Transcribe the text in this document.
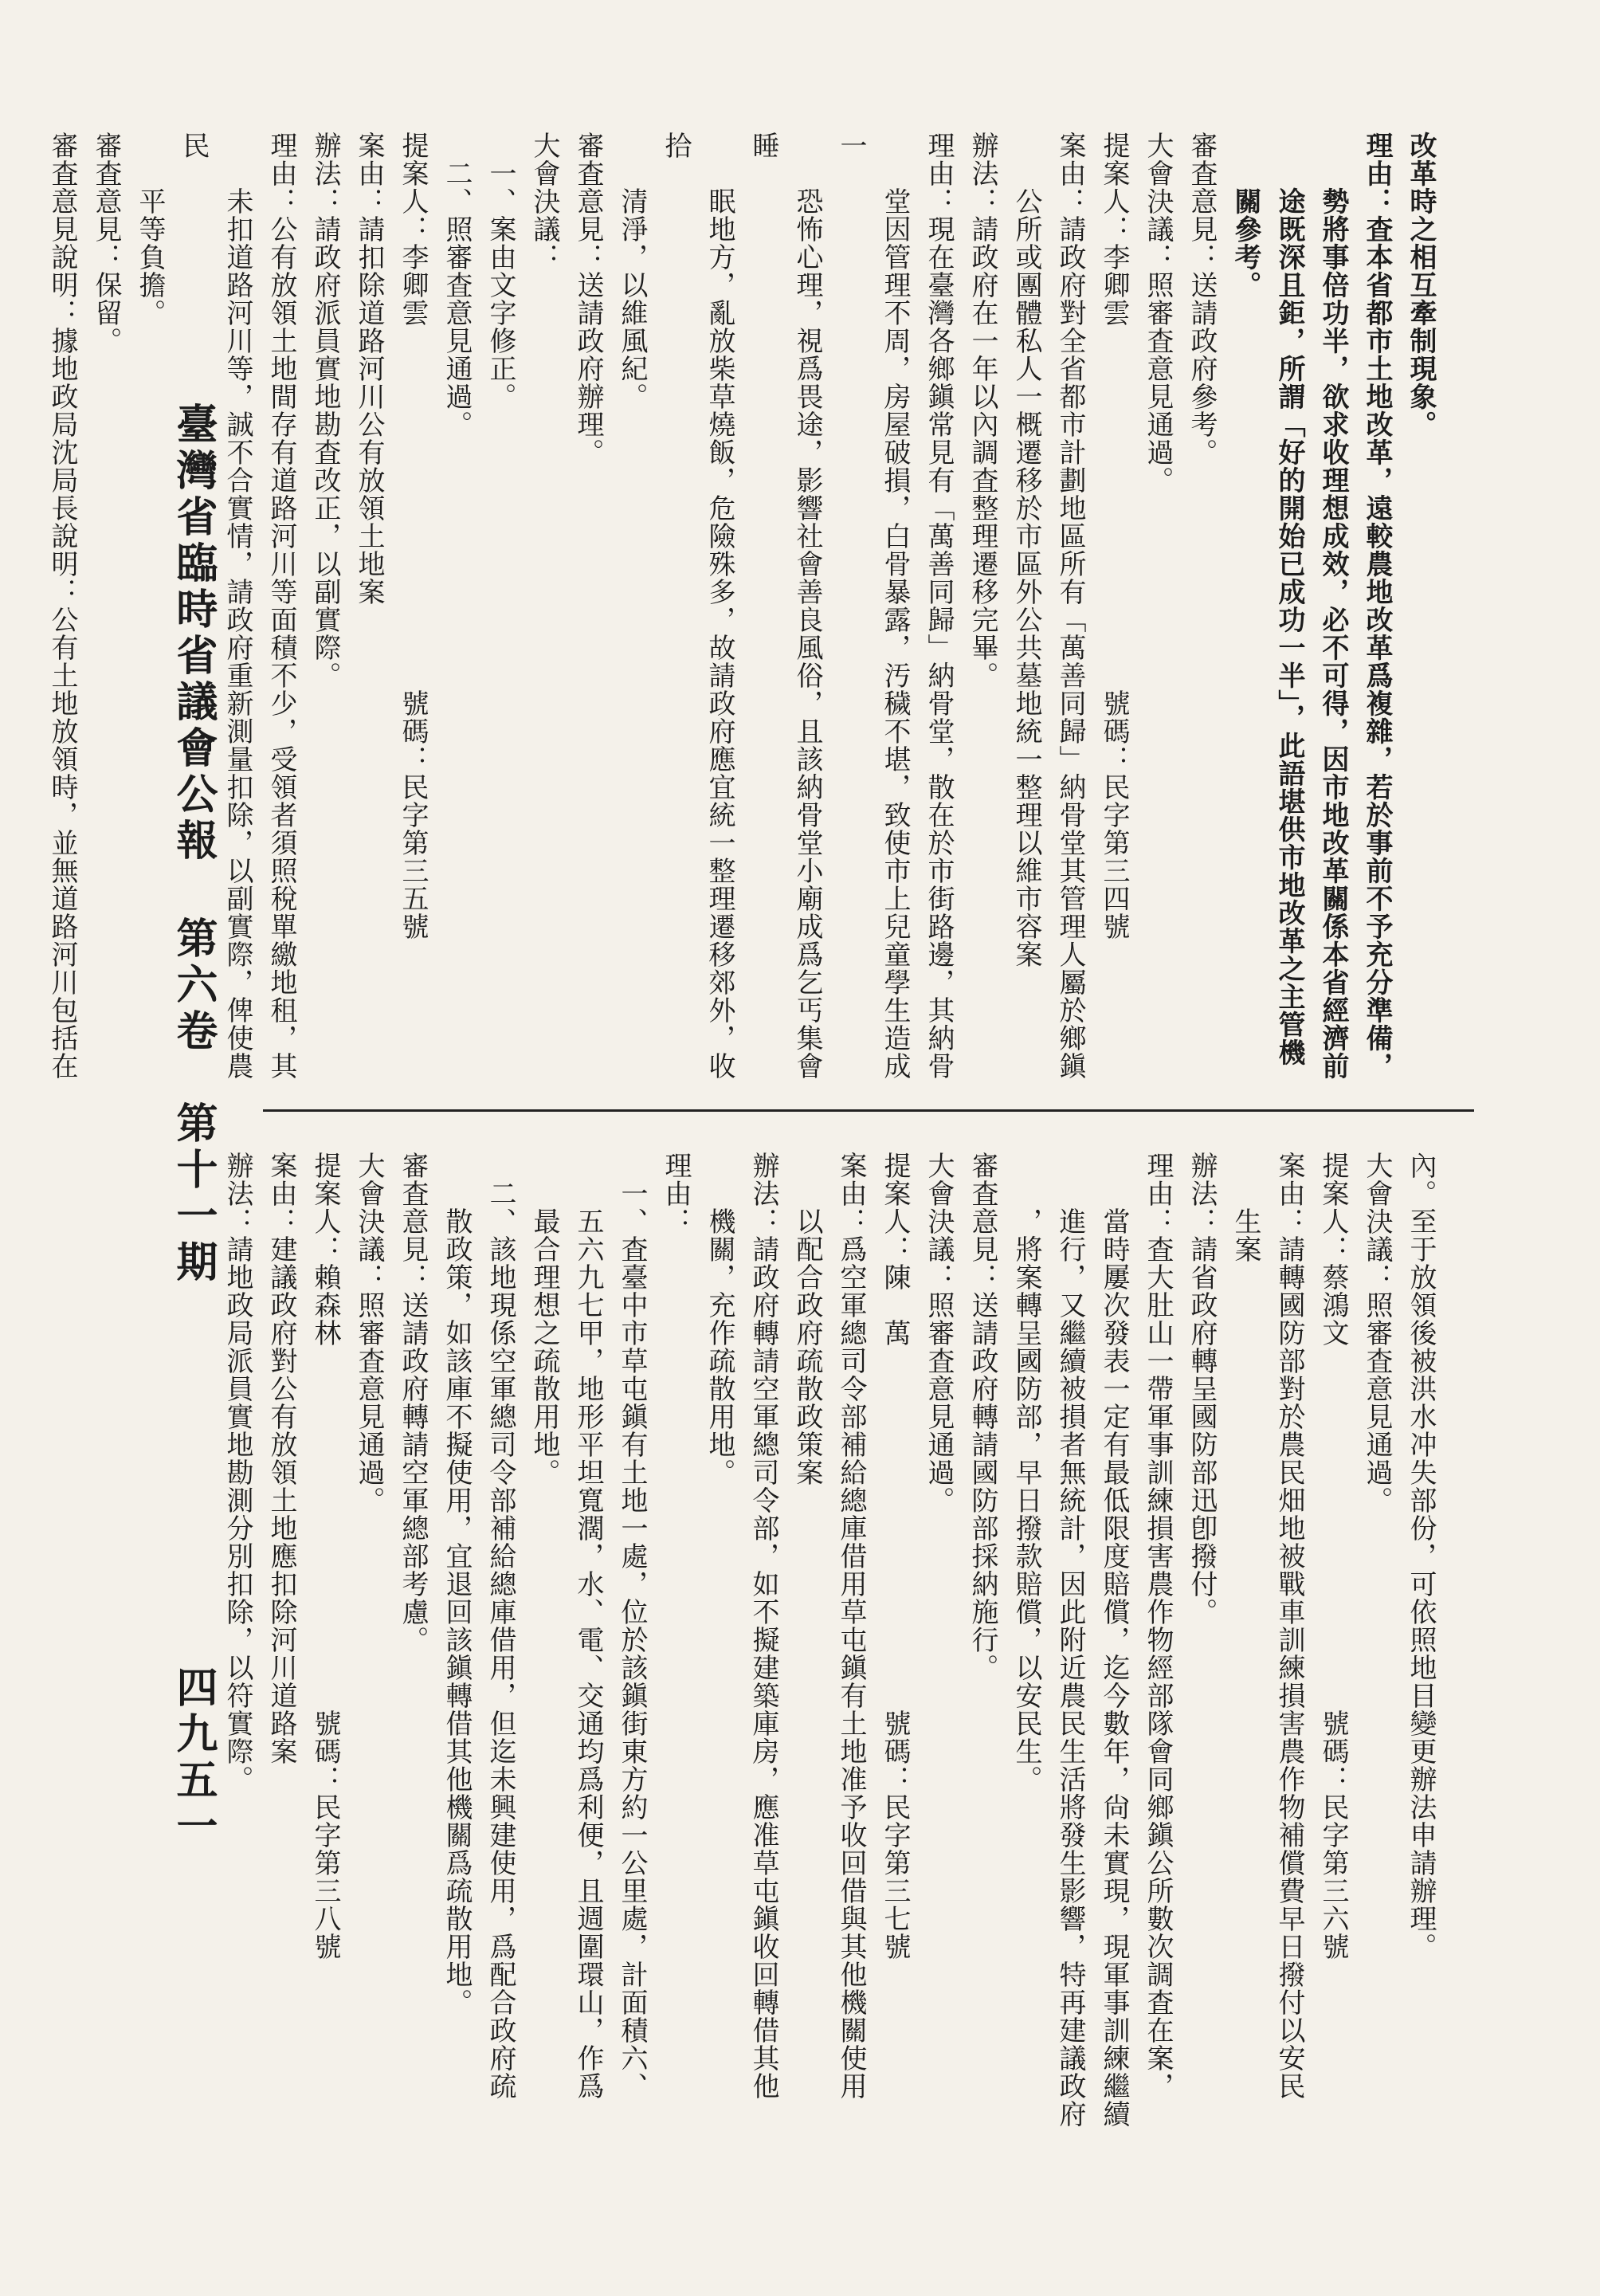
臺灣省臨時省議會公報
第六卷　第十一期
四九五一

改革時之相互牽制現象。

理由：査本省都市土地改革，遠較農地改革爲複雜，若於事前不予充分準備，

　　勢將事倍功半，欲求收理想成效，必不可得，因市地改革關係本省經濟前

　　途既深且鉅，所謂「好的開始已成功一半」，此語堪供市地改革之主管機

　　關參考。

審査意見：送請政府參考。

大會決議：照審査意見通過。

提案人：李卿雲　　　　　　　　　　　　　號碼：民字第三四號

案由：請政府對全省都市計劃地區所有「萬善同歸」納骨堂其管理人屬於鄉鎭

　　公所或團體私人一概遷移於市區外公共墓地統一整理以維市容案

辦法：請政府在一年以內調査整理遷移完畢。

理由：現在臺灣各鄉鎭常見有「萬善同歸」納骨堂，散在於市街路邊，其納骨

　　堂因管理不周，房屋破損，白骨暴露，汚穢不堪，致使市上兒童學生造成一

　　恐怖心理，視爲畏途，影響社會善良風俗，且該納骨堂小廟成爲乞丐集會睡

　　眠地方，亂放柴草燒飯，危險殊多，故請政府應宜統一整理遷移郊外，收拾

　　清淨，以維風紀。

審査意見：送請政府辦理。

大會決議：

　一、案由文字修正。

　二、照審査意見通過。

提案人：李卿雲　　　　　　　　　　　　　號碼：民字第三五號

案由：請扣除道路河川公有放領土地案

辦法：請政府派員實地勘査改正，以副實際。

理由：公有放領土地間存有道路河川等面積不少，受領者須照稅單繳地租，其

　　未扣道路河川等，誠不合實情，請政府重新測量扣除，以副實際，俾使農民

　　平等負擔。

審査意見：保留。

審査意見說明：據地政局沈局長說明：公有土地放領時，並無道路河川包括在

內。至于放領後被洪水冲失部份，可依照地目變更辦法申請辦理。

大會決議：照審査意見通過。

提案人：蔡鴻文　　　　　　　　　　　　　號碼：民字第三六號

案由：請轉國防部對於農民畑地被戰車訓練損害農作物補償費早日撥付以安民

　　生案

辦法：請省政府轉呈國防部迅卽撥付。

理由：査大肚山一帶軍事訓練損害農作物經部隊會同鄉鎭公所數次調査在案，

　　當時屢次發表一定有最低限度賠償，迄今數年，尙未實現，現軍事訓練繼續

　　進行，又繼續被損者無統計，因此附近農民生活將發生影響，特再建議政府

　　，將案轉呈國防部，早日撥款賠償，以安民生。

審査意見：送請政府轉請國防部採納施行。

大會決議：照審査意見通過。

提案人：陳　萬　　　　　　　　　　　　　號碼：民字第三七號

案由：爲空軍總司令部補給總庫借用草屯鎭有土地准予收回借與其他機關使用

　　以配合政府疏散政策案

辦法：請政府轉請空軍總司令部，如不擬建築庫房，應准草屯鎭收回轉借其他

　　機關，充作疏散用地。

理由：

　一、査臺中市草屯鎭有土地一處，位於該鎭街東方約一公里處，計面積六、

　　五六九七甲，地形平坦寬濶，水、電、交通均爲利便，且週圍環山，作爲

　　最合理想之疏散用地。

　二、該地現係空軍總司令部補給總庫借用，但迄未興建使用，爲配合政府疏

　　散政策，如該庫不擬使用，宜退回該鎭轉借其他機關爲疏散用地。

審査意見：送請政府轉請空軍總部考慮。

大會決議：照審査意見通過。

提案人：賴森林　　　　　　　　　　　　　號碼：民字第三八號

案由：建議政府對公有放領土地應扣除河川道路案

辦法：請地政局派員實地勘測分別扣除，以符實際。
